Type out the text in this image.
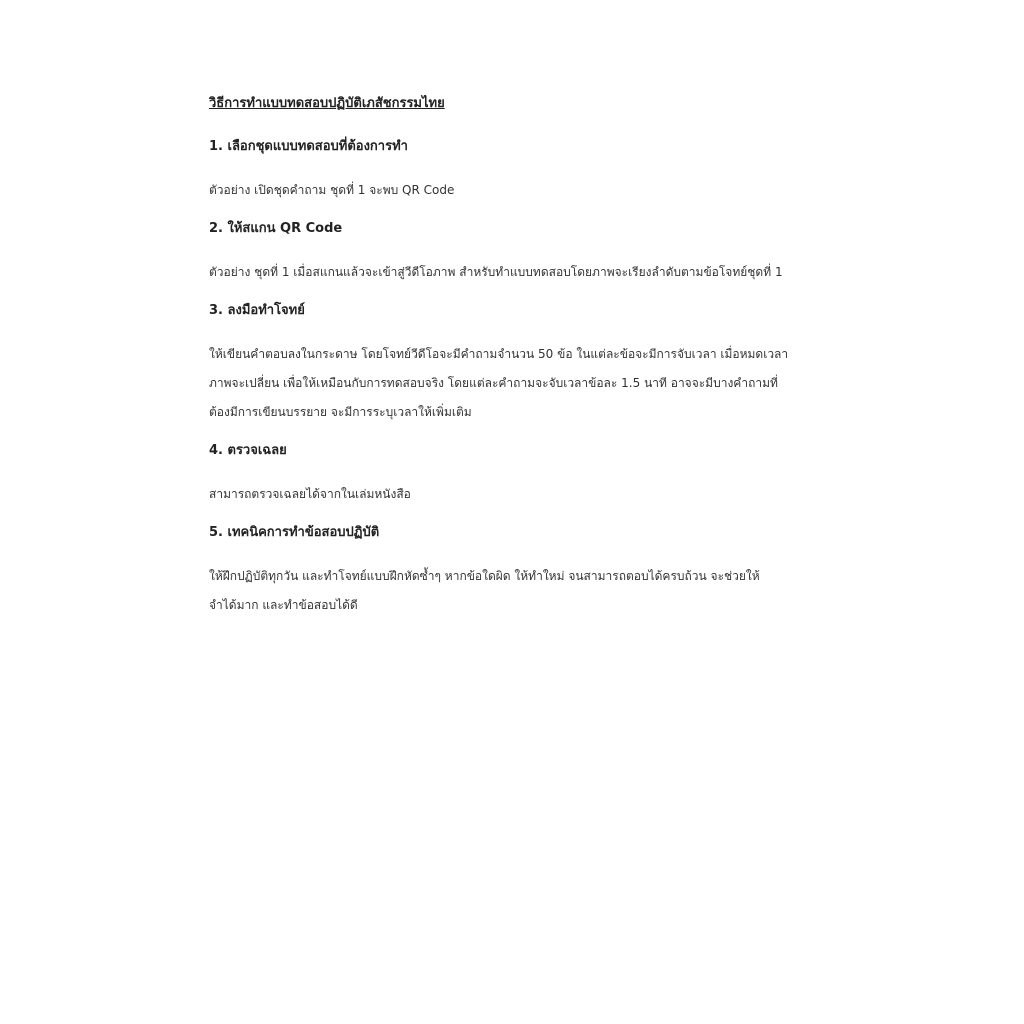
วิธีการทำแบบทดสอบปฏิบัติเภสัชกรรมไทย
1. เลือกชุดแบบทดสอบที่ต้องการทำ
ตัวอย่าง เปิดชุดคำถาม ชุดที่ 1 จะพบ QR Code
2. ให้สแกน QR Code
ตัวอย่าง ชุดที่ 1 เมื่อสแกนแล้วจะเข้าสู่วีดีโอภาพ สำหรับทำแบบทดสอบโดยภาพจะเรียงลำดับตามข้อโจทย์ชุดที่ 1
3. ลงมือทำโจทย์
ให้เขียนคำตอบลงในกระดาษ โดยโจทย์วีดีโอจะมีคำถามจำนวน 50 ข้อ ในแต่ละข้อจะมีการจับเวลา เมื่อหมดเวลา
ภาพจะเปลี่ยน เพื่อให้เหมือนกับการทดสอบจริง โดยแต่ละคำถามจะจับเวลาข้อละ 1.5 นาที อาจจะมีบางคำถามที่
ต้องมีการเขียนบรรยาย จะมีการระบุเวลาให้เพิ่มเติม
4. ตรวจเฉลย
สามารถตรวจเฉลยได้จากในเล่มหนังสือ
5. เทคนิคการทำข้อสอบปฏิบัติ
ให้ฝึกปฏิบัติทุกวัน และทำโจทย์แบบฝึกหัดซ้ำๆ หากข้อใดผิด ให้ทำใหม่ จนสามารถตอบได้ครบถ้วน จะช่วยให้
จำได้มาก และทำข้อสอบได้ดี
